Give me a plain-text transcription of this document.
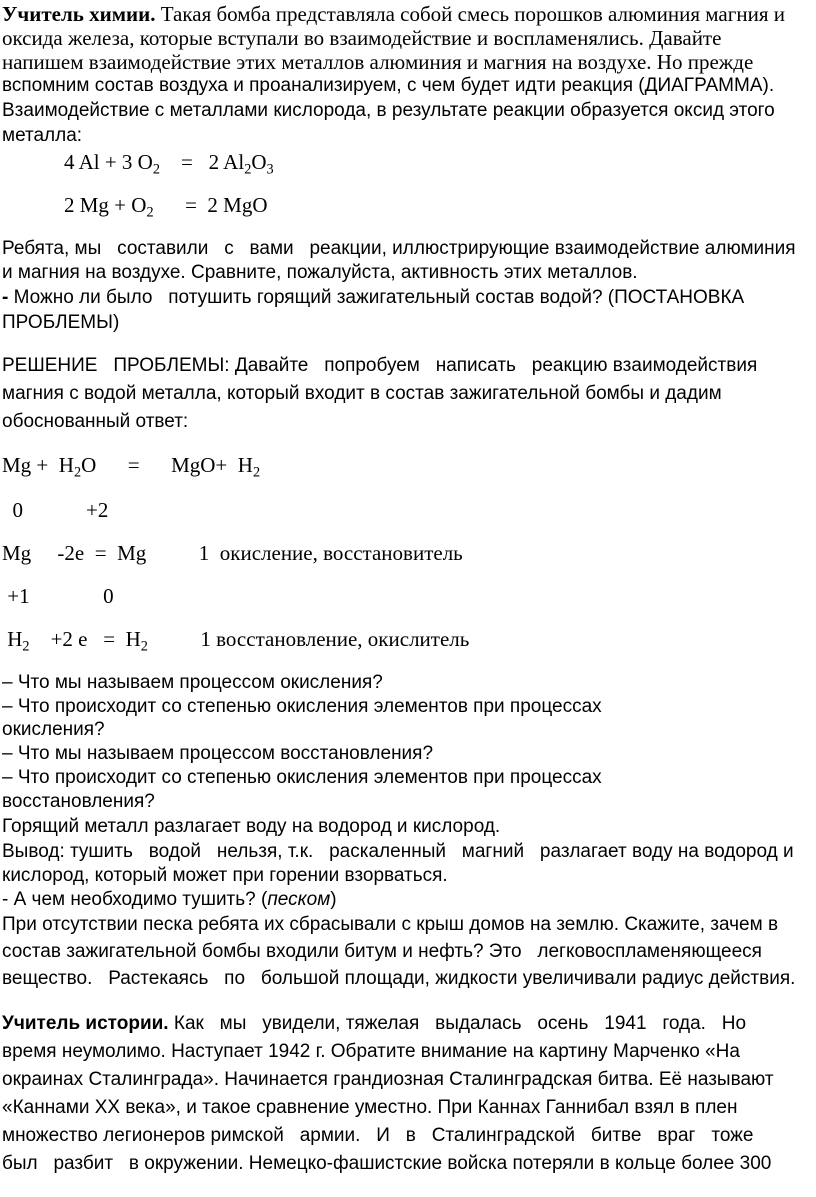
Учитель химии. Такая бомба представляла собой смесь порошков алюминия магния и
оксида железа, которые вступали во взаимодействие и воспламенялись. Давайте
напишем взаимодействие этих металлов алюминия и магния на воздухе. Но прежде
вспомним состав воздуха и проанализируем, с чем будет идти реакция (ДИАГРАММА).
Взаимодействие с металлами кислорода, в результате реакции образуется оксид этого
металла:
4 Al + 3 $O_2$    =   2 $Al_2O_3$
2 $Mg + O_2$      =  2 MgO
Ребята, мы   составили   с   вами   реакции, иллюстрирующие взаимодействие алюминия
и магния на воздухе. Сравните, пожалуйста, активность этих металлов.
- Можно ли было   потушить горящий зажигательный состав водой? (ПОСТАНОВКА
ПРОБЛЕМЫ)
РЕШЕНИЕ   ПРОБЛЕМЫ: Давайте   попробуем   написать   реакцию взаимодействия
магния с водой металла, который входит в состав зажигательной бомбы и дадим
обоснованный ответ:
$Mg + H_2O$      =      $MgO+ H_2$
0            +2
Mg     -2e  =  Mg          1  окисление, восстановитель
+1              0
$H_2$    +2 $e = H_2$          1 восстановление, окислитель
– Что мы называем процессом окисления?
– Что происходит со степенью окисления элементов при процессах
окисления?
– Что мы называем процессом восстановления?
– Что происходит со степенью окисления элементов при процессах
восстановления?
Горящий металл разлагает воду на водород и кислород.
Вывод: тушить   водой   нельзя, т.к.   раскаленный   магний   разлагает воду на водород и
кислород, который может при горении взорваться.
- А чем необходимо тушить? (песком)
При отсутствии песка ребята их сбрасывали с крыш домов на землю. Скажите, зачем в
состав зажигательной бомбы входили битум и нефть? Это   легковоспламеняющееся
вещество.   Растекаясь   по   большой площади, жидкости увеличивали радиус действия.
Учитель истории. Как   мы   увидели, тяжелая   выдалась   осень   1941   года.   Но
время неумолимо. Наступает 1942 г. Обратите внимание на картину Марченко «На
окраинах Сталинграда». Начинается грандиозная Сталинградская битва. Её называют
«Каннами XX века», и такое сравнение уместно. При Каннах Ганнибал взял в плен
множество легионеров римской   армии.   И   в   Сталинградской   битве   враг   тоже
был   разбит   в окружении. Немецко-фашистские войска потеряли в кольце более 300
